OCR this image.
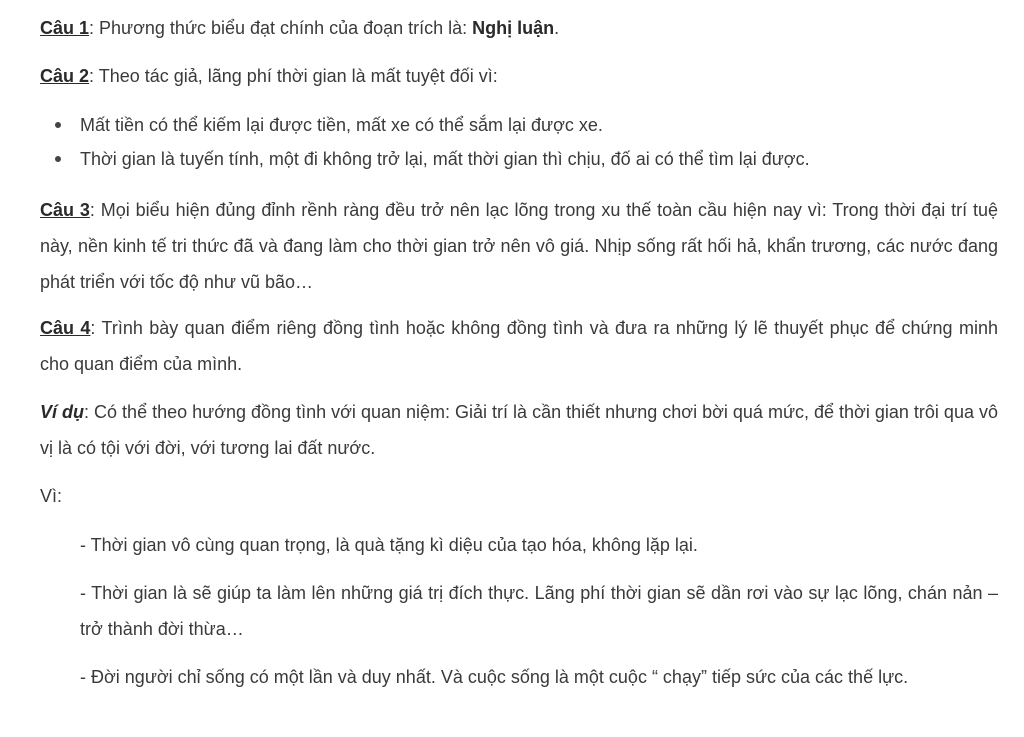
Câu 1: Phương thức biểu đạt chính của đoạn trích là: Nghị luận.

Câu 2: Theo tác giả, lãng phí thời gian là mất tuyệt đối vì:

Mất tiền có thể kiếm lại được tiền, mất xe có thể sắm lại được xe.
Thời gian là tuyến tính, một đi không trở lại, mất thời gian thì chịu, đố ai có thể tìm lại được.

Câu 3: Mọi biểu hiện đủng đỉnh rềnh ràng đều trở nên lạc lõng trong xu thế toàn cầu hiện nay vì: Trong thời đại trí tuệ này, nền kinh tế tri thức đã và đang làm cho thời gian trở nên vô giá. Nhịp sống rất hối hả, khẩn trương, các nước đang phát triển với tốc độ như vũ bão…

Câu 4: Trình bày quan điểm riêng đồng tình hoặc không đồng tình và đưa ra những lý lẽ thuyết phục để chứng minh cho quan điểm của mình.

Ví dụ: Có thể theo hướng đồng tình với quan niệm: Giải trí là cần thiết nhưng chơi bời quá mức, để thời gian trôi qua vô vị là có tội với đời, với tương lai đất nước.

Vì:

- Thời gian vô cùng quan trọng, là quà tặng kì diệu của tạo hóa, không lặp lại.

- Thời gian là sẽ giúp ta làm lên những giá trị đích thực. Lãng phí thời gian sẽ dần rơi vào sự lạc lõng, chán nản – trở thành đời thừa…

- Đời người chỉ sống có một lần và duy nhất. Và cuộc sống là một cuộc “ chạy” tiếp sức của các thế lực.
